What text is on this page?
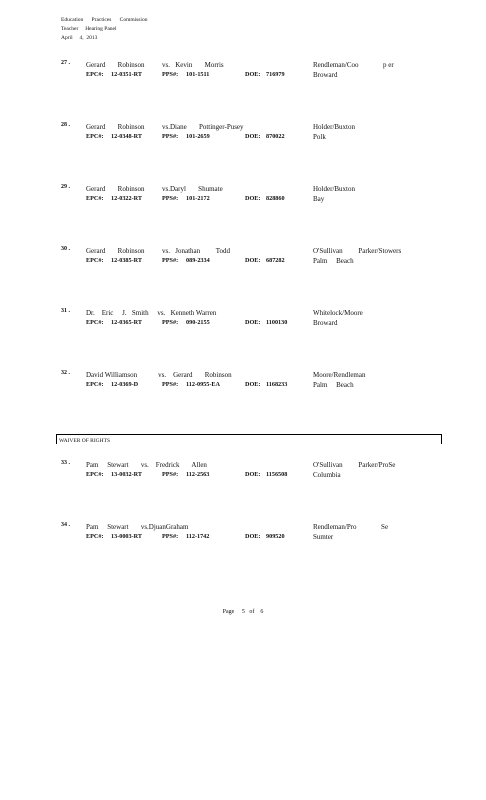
Education      Practices      Commission
Teacher     Hearing Panel
April     4,  2013
27 . Gerard       Robinson          vs.   Kevin       Morris	Rendleman/Coo              p er
EPC#: 12-0351-RT	PPS#: 101-1511	DOE: 716979	Broward
28 . Gerard       Robinson          vs.Diane       Pottinger-Pusey	Holder/Buxton
EPC#: 12-0348-RT	PPS#: 101-2659	DOE: 870022	Polk
29 . Gerard       Robinson          vs.Daryl       Shumate	Holder/Buxton
EPC#: 12-0322-RT	PPS#: 101-2172	DOE: 828860	Bay
30 . Gerard       Robinson          vs.   Jonathan         Todd	O'Sullivan         Parker/Stowers
EPC#: 12-0385-RT	PPS#: 089-2334	DOE: 687282	Palm     Beach
31 . Dr.    Eric     J.   Smith     vs.   Kenneth Warren	Whitelock/Moore
EPC#: 12-0365-RT	PPS#: 090-2155	DOE: 1100130	Broward
32 . David Williamson            vs.    Gerard       Robinson	Moore/Rendleman
EPC#: 12-0369-D	PPS#: 112-0955-EA	DOE: 1168233	Palm     Beach
WAIVER OF RIGHTS
33 . Pam     Stewart       vs.    Fredrick       Allen	O'Sullivan         Parker/ProSe
EPC#: 13-0032-RT	PPS#: 112-2563	DOE: 1156508	Columbia
34 . Pam     Stewart       vs.DjuanGraham	Rendleman/Pro              Se
EPC#: 13-0003-RT	PPS#: 112-1742	DOE: 909520	Sumter
Page     5   of    6
